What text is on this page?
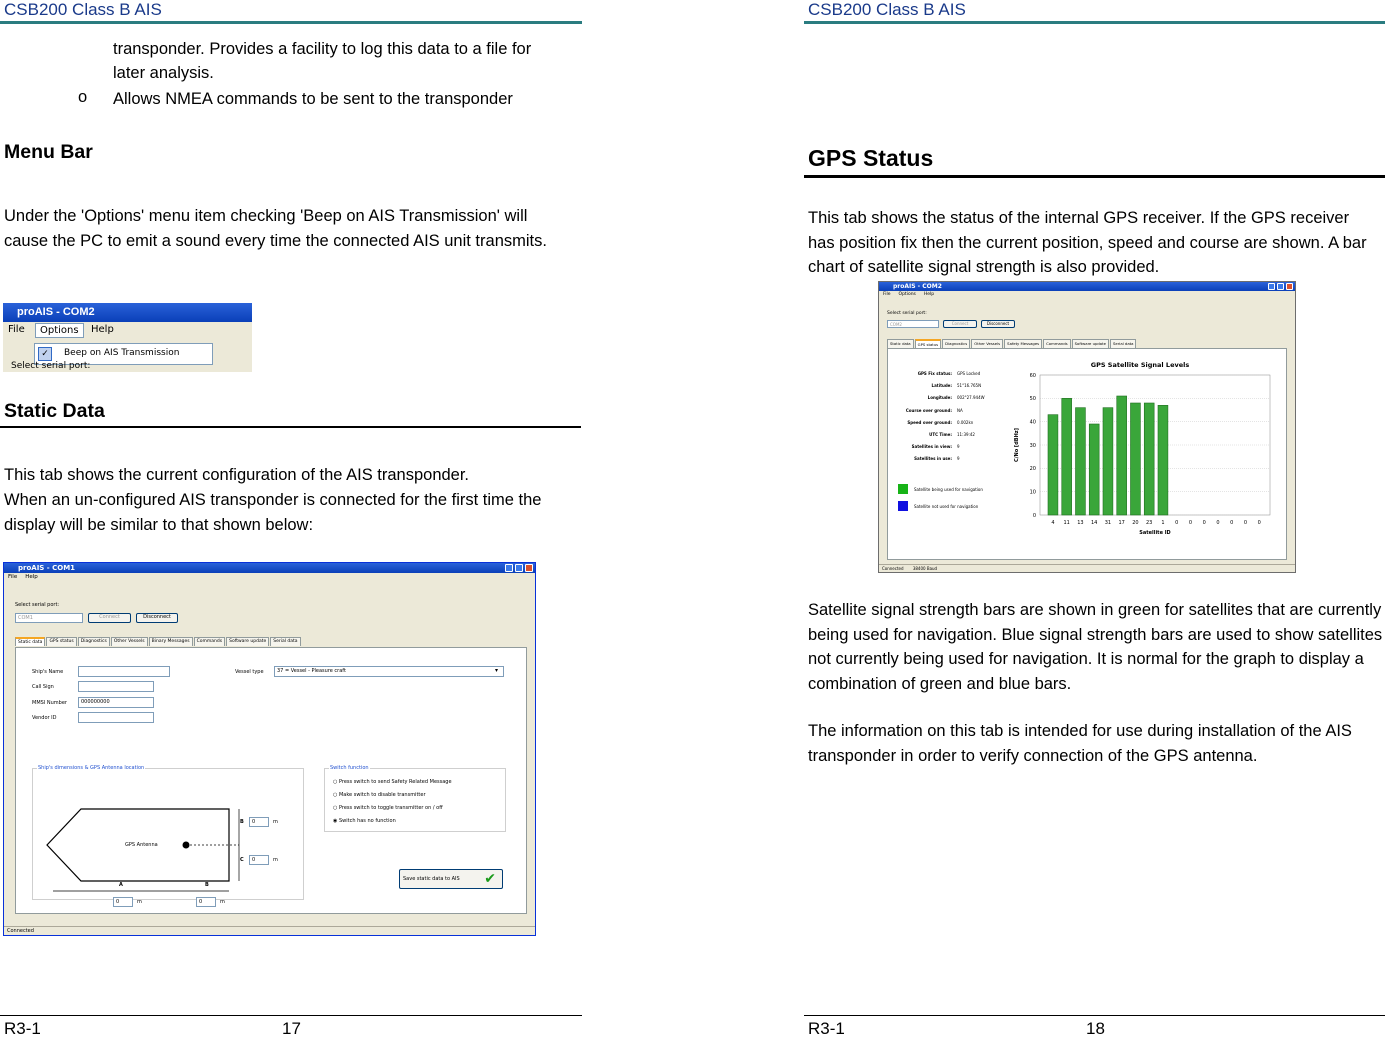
CSB200 Class B AIS

transponder. Provides a facility to log this data to a file for

later analysis.

o Allows NMEA commands to be sent to the transponder

Menu Bar

Under the 'Options' menu item checking 'Beep on AIS Transmission' will cause the PC to emit a sound every time the connected AIS unit transmits.

proAIS - COM2
File	Options	Help
✓	Beep on AIS Transmission
Select serial port:
Static Data

This tab shows the current configuration of the AIS transponder.

When an un-configured AIS transponder is connected for the first time the display will be similar to that shown below:

proAIS - COM1
File Help
Select serial port:
COM1	Connect	Disconnect
Static data	GPS status	Diagnostics	Other Vessels	Binary Messages	Commands	Software update	Serial data
Ship's Name
Call Sign
MMSI Number	000000000
Vendor ID
Vessel type	37 = Vessel - Pleasure craft	▾
Ship's dimensions & GPS Antenna location
GPS Antenna
A	B
B
C
0	m
0	m
0	m	0	m
Switch function
○ Press switch to send Safety Related Message
○ Make switch to disable transmitter
○ Press switch to toggle transmitter on / off
◉ Switch has no function
Save static data to AIS ✔
Connected
R3-1	17
CSB200 Class B AIS
GPS Status

This tab shows the status of the internal GPS receiver. If the GPS receiver has position fix then the current position, speed and course are shown. A bar chart of satellite signal strength is also provided.

proAIS - COM2
File Options Help
Select serial port:
COM2	Connect	Disconnect
Static data	GPS status	Diagnostics	Other Vessels	Safety Messages	Commands	Software update	Serial data
GPS Fix status: GPS Locked
Latitude: 51°16.765N
Longitude: 002°27.944W
Course over ground: NA
Speed over ground: 0.002kn
UTC Time: 11:39:42
Satellites in view: 9
Satellites in use: 9
Satellite being used for navigation
Satellite not used for navigation
GPS Satellite Signal Levels
0
10
20
30
40
50
60
4 11 13 14 31 17 20 23 1 0 0 0 0 0 0 0
Satellite ID
C/No [dBHz]
Connected 38400 Baud

Satellite signal strength bars are shown in green for satellites that are currently being used for navigation. Blue signal strength bars are used to show satellites not currently being used for navigation. It is normal for the graph to display a combination of green and blue bars.

The information on this tab is intended for use during installation of the AIS transponder in order to verify connection of the GPS antenna.

R3-1	18
